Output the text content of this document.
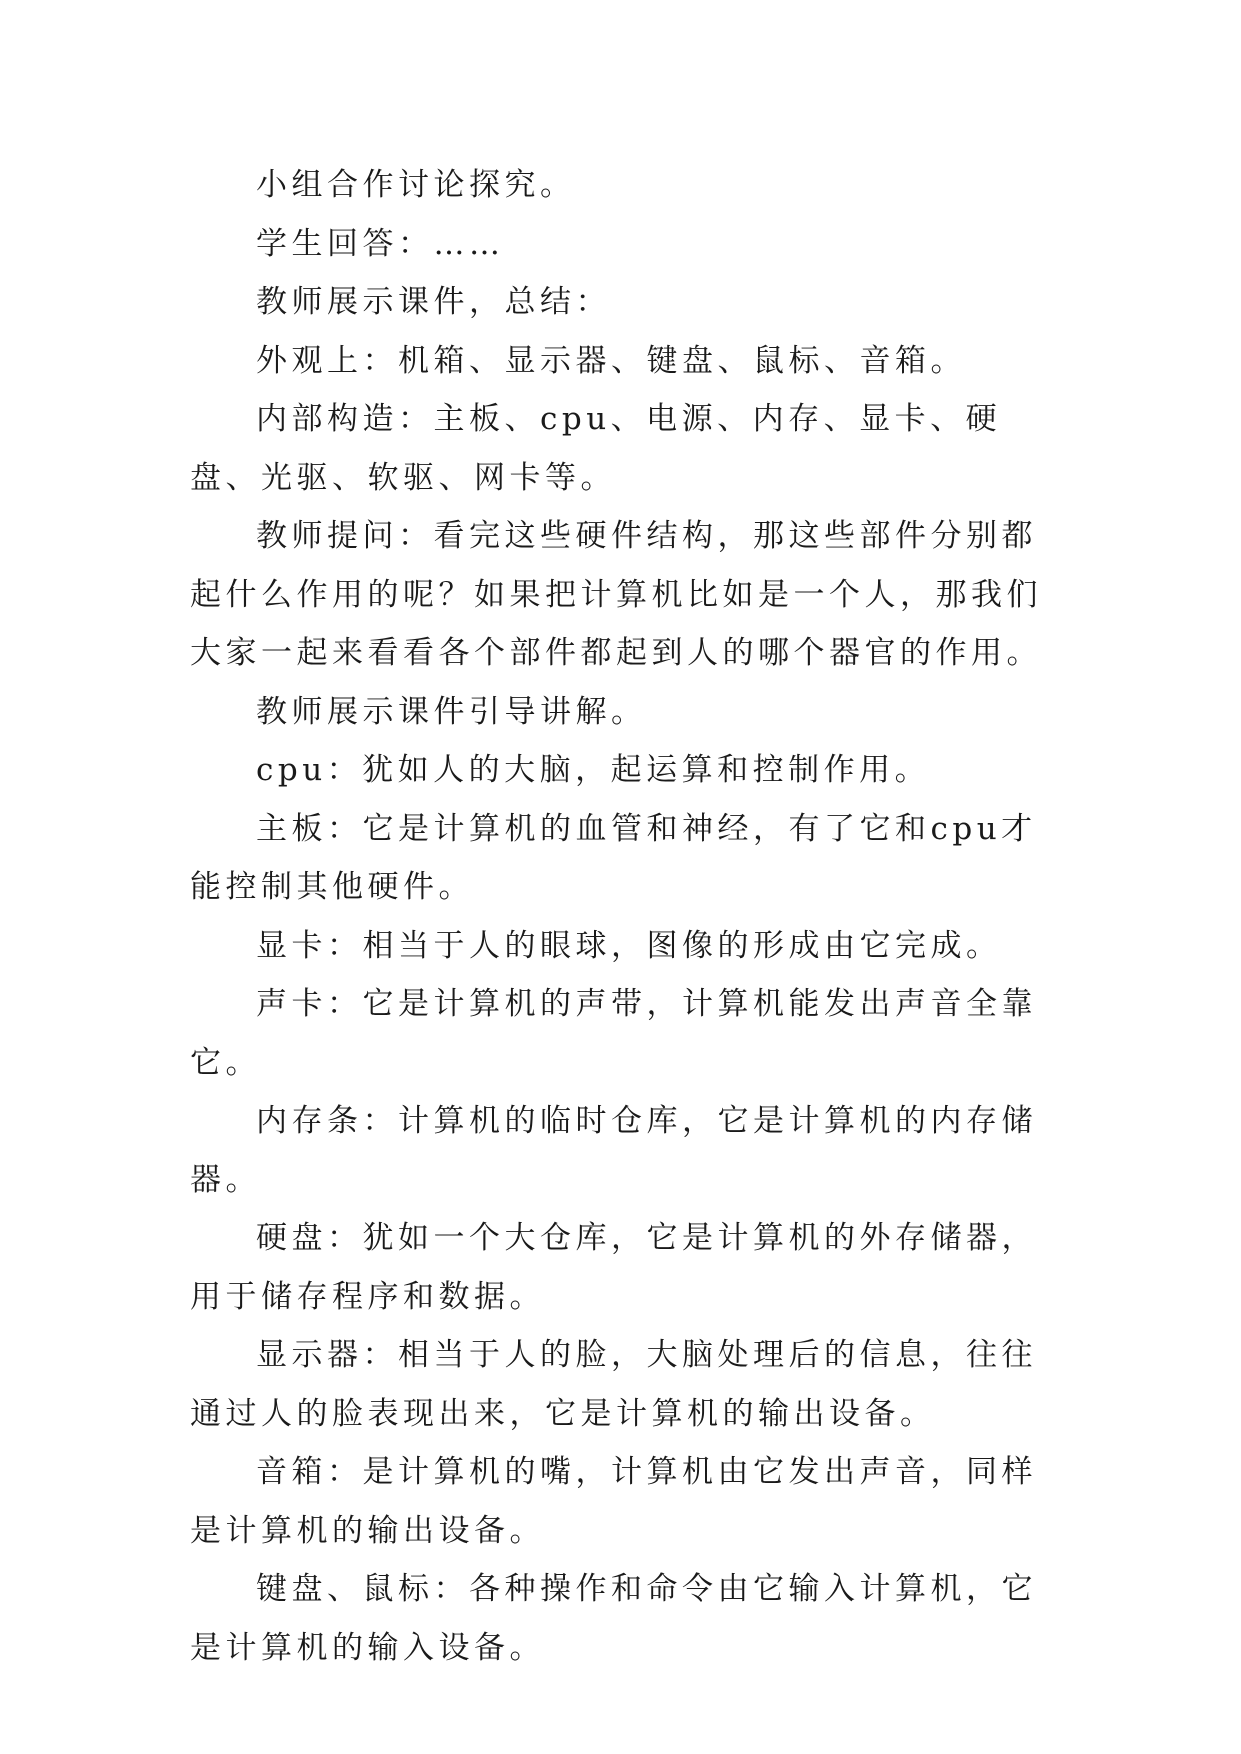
小组合作讨论探究。

学生回答：……

教师展示课件，总结：

外观上：机箱、显示器、键盘、鼠标、音箱。

内部构造：主板、cpu、电源、内存、显卡、硬盘、光驱、软驱、网卡等。

教师提问：看完这些硬件结构，那这些部件分别都起什么作用的呢？如果把计算机比如是一个人，那我们大家一起来看看各个部件都起到人的哪个器官的作用。

教师展示课件引导讲解。

cpu：犹如人的大脑，起运算和控制作用。

主板：它是计算机的血管和神经，有了它和cpu才能控制其他硬件。

显卡：相当于人的眼球，图像的形成由它完成。

声卡：它是计算机的声带，计算机能发出声音全靠它。

内存条：计算机的临时仓库，它是计算机的内存储器。

硬盘：犹如一个大仓库，它是计算机的外存储器，用于储存程序和数据。

显示器：相当于人的脸，大脑处理后的信息，往往通过人的脸表现出来，它是计算机的输出设备。

音箱：是计算机的嘴，计算机由它发出声音，同样是计算机的输出设备。

键盘、鼠标：各种操作和命令由它输入计算机，它是计算机的输入设备。
